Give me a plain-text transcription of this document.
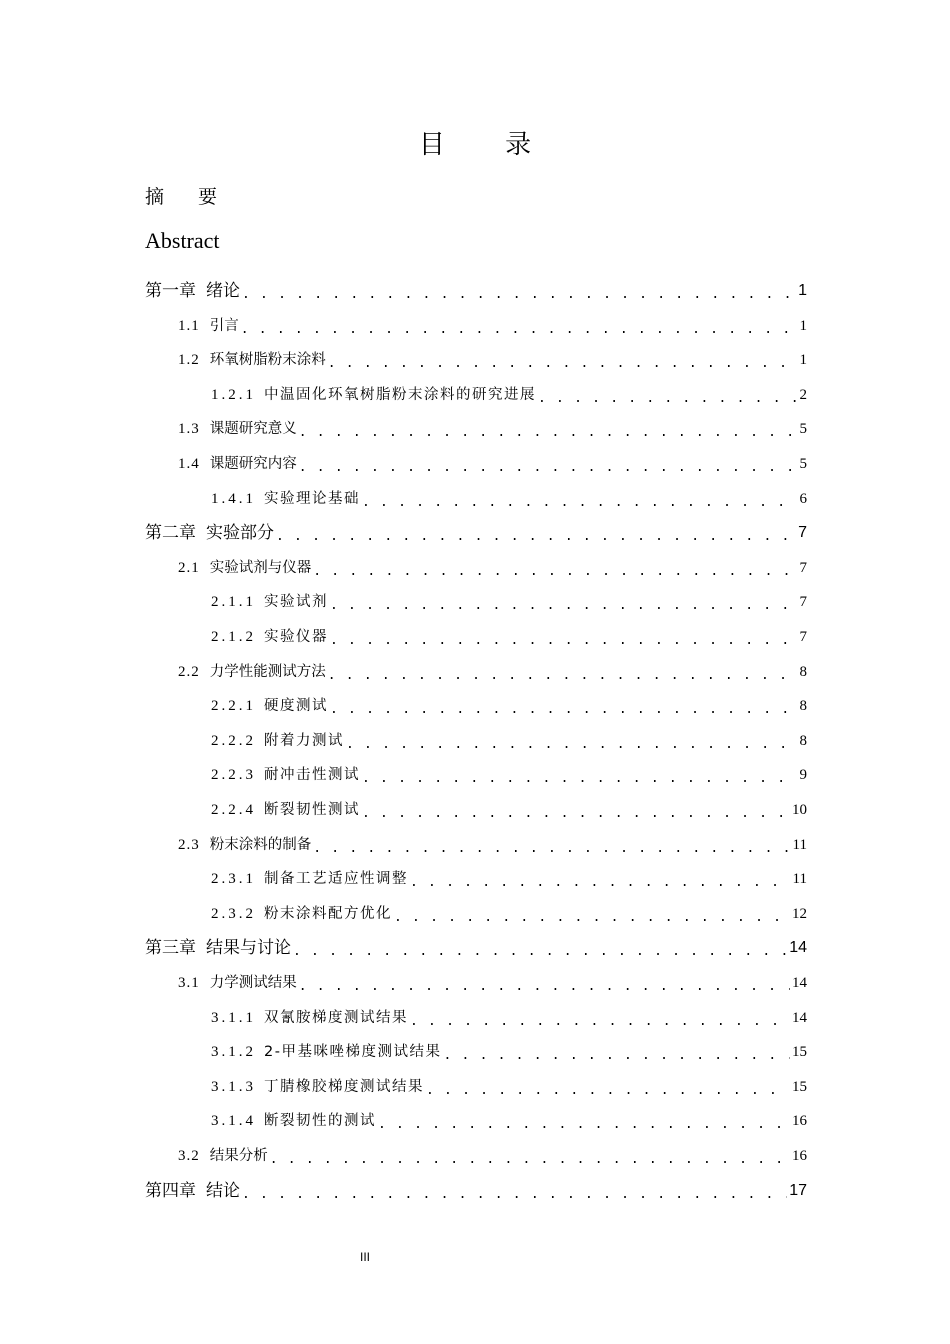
目 录
摘 要
Abstract
第一章 绪论 . . .	1
1.1 引言 . . .	1
1.2 环氧树脂粉末涂料 . . .	1
1.2.1 中温固化环氧树脂粉末涂料的研究进展 . . .	2
1.3 课题研究意义 . . .	5
1.4 课题研究内容 . . .	5
1.4.1 实验理论基础 . . .	6
第二章 实验部分 . . .	7
2.1 实验试剂与仪器 . . .	7
2.1.1 实验试剂 . . .	7
2.1.2 实验仪器 . . .	7
2.2 力学性能测试方法 . . .	8
2.2.1 硬度测试 . . .	8
2.2.2 附着力测试 . . .	8
2.2.3 耐冲击性测试 . . .	9
2.2.4 断裂韧性测试 . . .	10
2.3 粉末涂料的制备 . . .	11
2.3.1 制备工艺适应性调整 . . .	11
2.3.2 粉末涂料配方优化 . . .	12
第三章 结果与讨论 . . .	14
3.1 力学测试结果 . . .	14
3.1.1 双氰胺梯度测试结果 . . .	14
3.1.2 2-甲基咪唑梯度测试结果 . . .	15
3.1.3 丁腈橡胶梯度测试结果 . . .	15
3.1.4 断裂韧性的测试 . . .	16
3.2 结果分析 . . .	16
第四章 结论 . . .	17
III
